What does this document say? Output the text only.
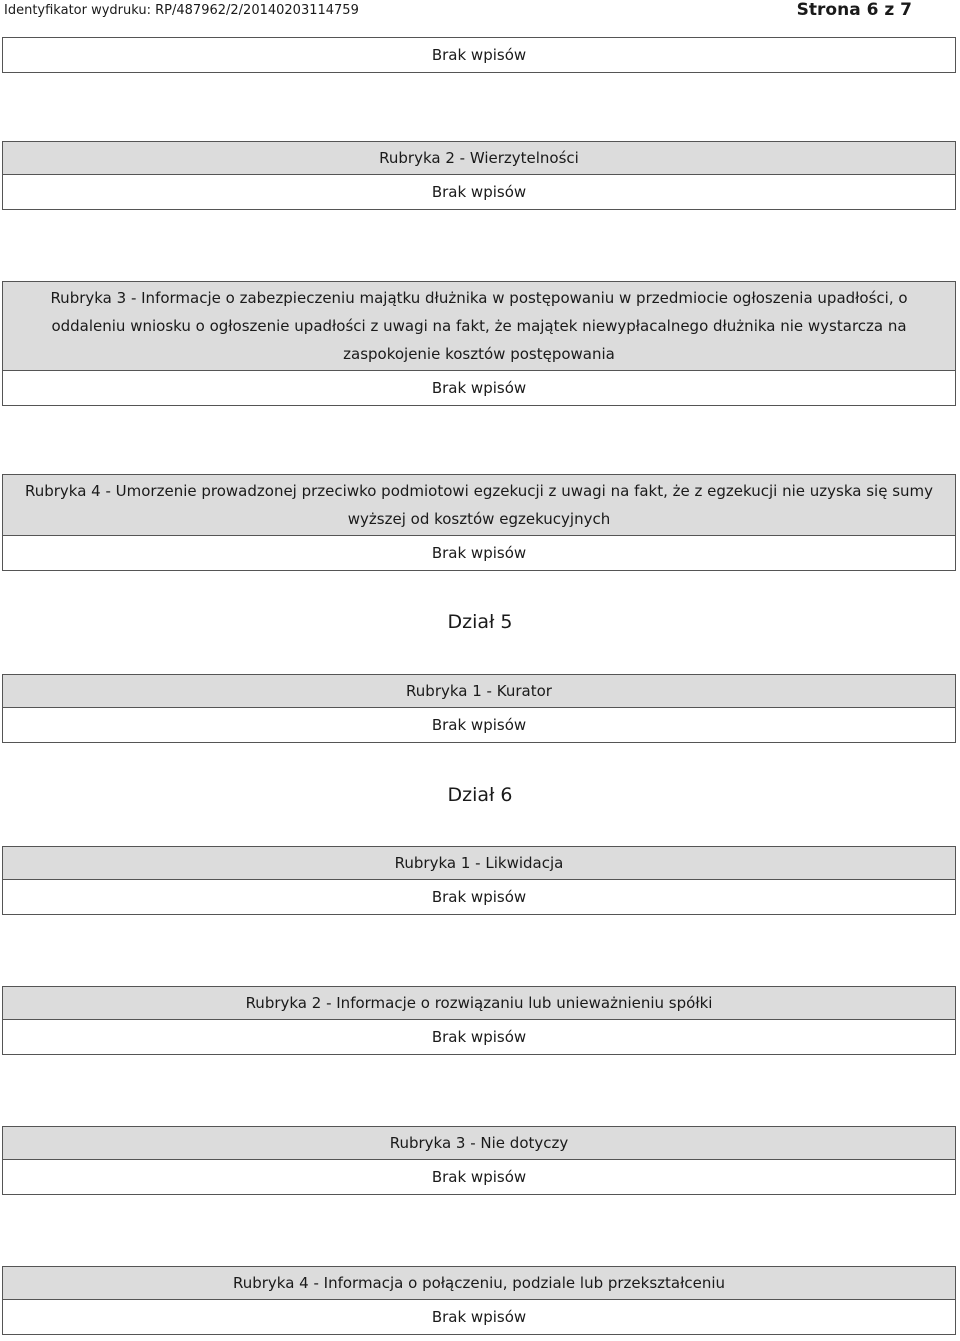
Identyfikator wydruku: RP/487962/2/20140203114759	Strona 6 z 7
Brak wpisów
Rubryka 2 - Wierzytelności
Brak wpisów
Rubryka 3 - Informacje o zabezpieczeniu majątku dłużnika w postępowaniu w przedmiocie ogłoszenia upadłości, o oddaleniu wniosku o ogłoszenie upadłości z uwagi na fakt, że majątek niewypłacalnego dłużnika nie wystarcza na zaspokojenie kosztów postępowania
Brak wpisów
Rubryka 4 - Umorzenie prowadzonej przeciwko podmiotowi egzekucji z uwagi na fakt, że z egzekucji nie uzyska się sumy wyższej od kosztów egzekucyjnych
Brak wpisów
Dział 5
Rubryka 1 - Kurator
Brak wpisów
Dział 6
Rubryka 1 - Likwidacja
Brak wpisów
Rubryka 2 - Informacje o rozwiązaniu lub unieważnieniu spółki
Brak wpisów
Rubryka 3 - Nie dotyczy
Brak wpisów
Rubryka 4 - Informacja o połączeniu, podziale lub przekształceniu
Brak wpisów
